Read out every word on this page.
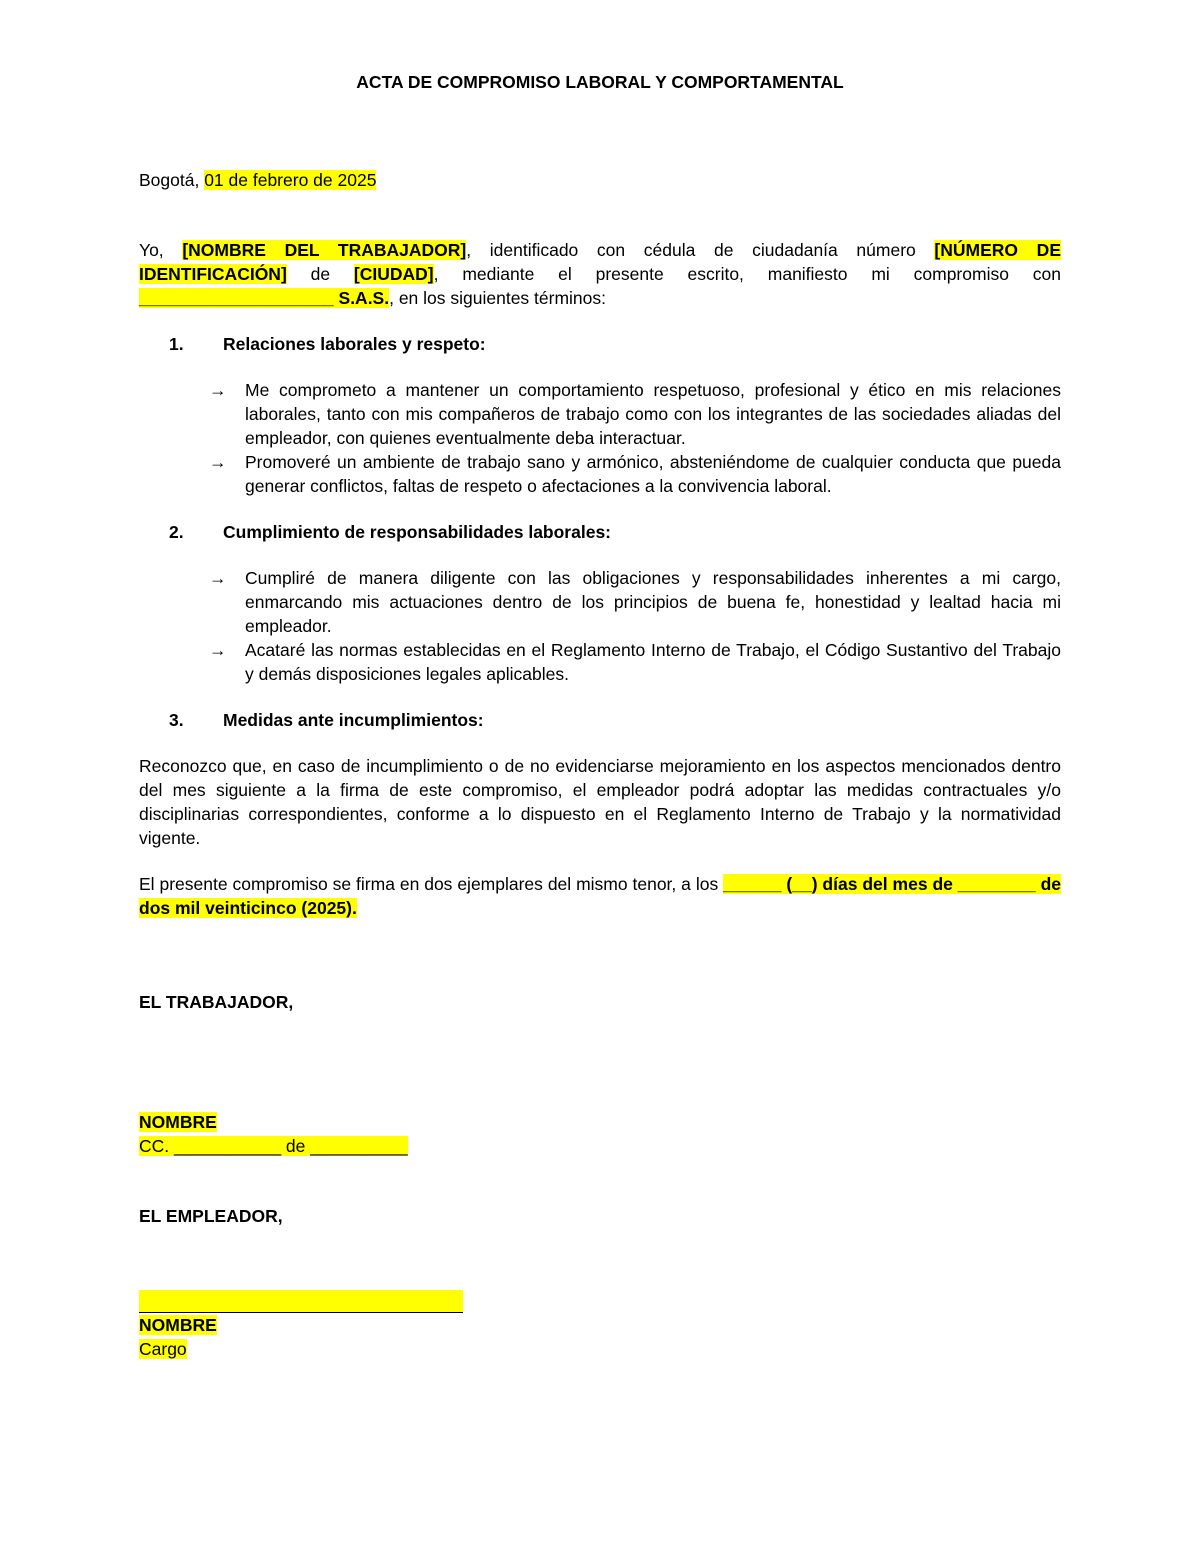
ACTA DE COMPROMISO LABORAL Y COMPORTAMENTAL

Bogotá, 01 de febrero de 2025
Yo, [NOMBRE DEL TRABAJADOR], identificado con cédula de ciudadanía número [NÚMERO DE IDENTIFICACIÓN] de [CIUDAD], mediante el presente escrito, manifiesto mi compromiso con ____________________ S.A.S., en los siguientes términos:
1.	Relaciones laborales y respeto:
→	Me comprometo a mantener un comportamiento respetuoso, profesional y ético en mis relaciones laborales, tanto con mis compañeros de trabajo como con los integrantes de las sociedades aliadas del empleador, con quienes eventualmente deba interactuar.
→	Promoveré un ambiente de trabajo sano y armónico, absteniéndome de cualquier conducta que pueda generar conflictos, faltas de respeto o afectaciones a la convivencia laboral.
2.	Cumplimiento de responsabilidades laborales:
→	Cumpliré de manera diligente con las obligaciones y responsabilidades inherentes a mi cargo, enmarcando mis actuaciones dentro de los principios de buena fe, honestidad y lealtad hacia mi empleador.
→	Acataré las normas establecidas en el Reglamento Interno de Trabajo, el Código Sustantivo del Trabajo y demás disposiciones legales aplicables.
3.	Medidas ante incumplimientos:
Reconozco que, en caso de incumplimiento o de no evidenciarse mejoramiento en los aspectos mencionados dentro del mes siguiente a la firma de este compromiso, el empleador podrá adoptar las medidas contractuales y/o disciplinarias correspondientes, conforme a lo dispuesto en el Reglamento Interno de Trabajo y la normatividad vigente.
El presente compromiso se firma en dos ejemplares del mismo tenor, a los ______ (__) días del mes de ________ de dos mil veinticinco (2025).
EL TRABAJADOR,
NOMBRE
CC. ___________ de __________
EL EMPLEADOR,
NOMBRE
Cargo
